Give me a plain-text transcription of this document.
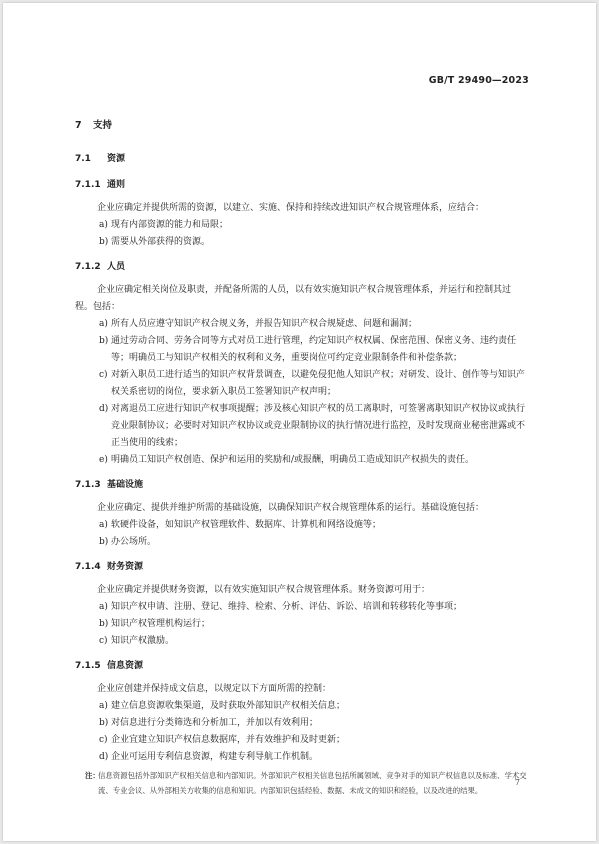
GB/T 29490—2023
7 支持
7.1 资源
7.1.1 通则

企业应确定并提供所需的资源，以建立、实施、保持和持续改进知识产权合规管理体系，应结合：

a) 现有内部资源的能力和局限；
b) 需要从外部获得的资源。
7.1.2 人员

企业应确定相关岗位及职责，并配备所需的人员，以有效实施知识产权合规管理体系，并运行和控制其过程。包括：

a) 所有人员应遵守知识产权合规义务，并报告知识产权合规疑虑、问题和漏洞；
b) 通过劳动合同、劳务合同等方式对员工进行管理，约定知识产权权属、保密范围、保密义务、违约责任等；明确员工与知识产权相关的权利和义务，重要岗位可约定竞业限制条件和补偿条款；
c) 对新入职员工进行适当的知识产权背景调查，以避免侵犯他人知识产权；对研发、设计、创作等与知识产权关系密切的岗位，要求新入职员工签署知识产权声明；
d) 对离退员工应进行知识产权事项提醒；涉及核心知识产权的员工离职时，可签署离职知识产权协议或执行竞业限制协议；必要时对知识产权协议或竞业限制协议的执行情况进行监控，及时发现商业秘密泄露或不正当使用的线索；
e) 明确员工知识产权创造、保护和运用的奖励和/或报酬，明确员工造成知识产权损失的责任。
7.1.3 基础设施

企业应确定、提供并维护所需的基础设施，以确保知识产权合规管理体系的运行。基础设施包括：

a) 软硬件设备，如知识产权管理软件、数据库、计算机和网络设施等；
b) 办公场所。
7.1.4 财务资源

企业应确定并提供财务资源，以有效实施知识产权合规管理体系。财务资源可用于：

a) 知识产权申请、注册、登记、维持、检索、分析、评估、诉讼、培训和转移转化等事项；
b) 知识产权管理机构运行；
c) 知识产权激励。
7.1.5 信息资源

企业应创建并保持成文信息，以规定以下方面所需的控制：

a) 建立信息资源收集渠道，及时获取外部知识产权相关信息；
b) 对信息进行分类筛选和分析加工，并加以有效利用；
c) 企业宜建立知识产权信息数据库，并有效维护和及时更新；
d) 企业可运用专利信息资源，构建专利导航工作机制。
注：
信息资源包括外部知识产权相关信息和内部知识。外部知识产权相关信息包括所属领域、竞争对手的知识产权信息以及标准、学术交流、专业会议、从外部相关方收集的信息和知识。内部知识包括经验、数据、未成文的知识和经验，以及改进的结果。
7
